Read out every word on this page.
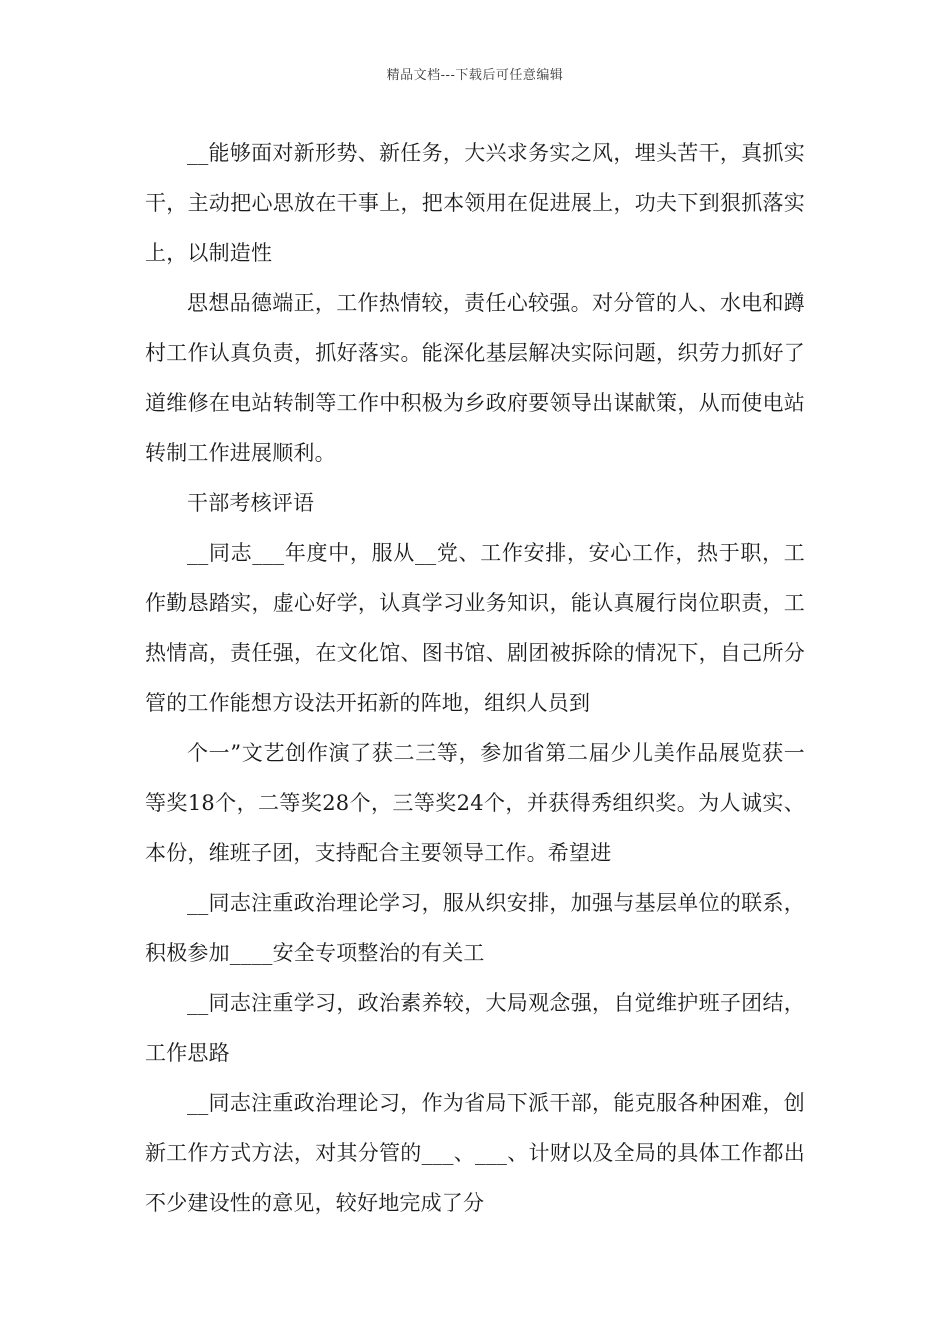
精品文档---下载后可任意编辑

__能够面对新形势、新任务，大兴求务实之风，埋头苦干，真抓实干，主动把心思放在干事上，把本领用在促进展上，功夫下到狠抓落实上，以制造性

思想品德端正，工作热情较，责任心较强。对分管的人、水电和蹲村工作认真负责，抓好落实。能深化基层解决实际问题，织劳力抓好了道维修在电站转制等工作中积极为乡政府要领导出谋献策，从而使电站转制工作进展顺利。

干部考核评语

__同志___年度中，服从__党、工作安排，安心工作，热于职，工作勤恳踏实，虚心好学，认真学习业务知识，能认真履行岗位职责，工热情高，责任强，在文化馆、图书馆、剧团被拆除的情况下，自己所分管的工作能想方设法开拓新的阵地，组织人员到

个一”文艺创作演了获二三等，参加省第二届少儿美作品展览获一等奖18个，二等奖28个，三等奖24个，并获得秀组织奖。为人诚实、本份，维班子团，支持配合主要领导工作。希望进

__同志注重政治理论学习，服从织安排，加强与基层单位的联系，积极参加____安全专项整治的有关工

__同志注重学习，政治素养较，大局观念强，自觉维护班子团结，工作思路

__同志注重政治理论习，作为省局下派干部，能克服各种困难，创新工作方式方法，对其分管的___、___、计财以及全局的具体工作都出不少建设性的意见，较好地完成了分
